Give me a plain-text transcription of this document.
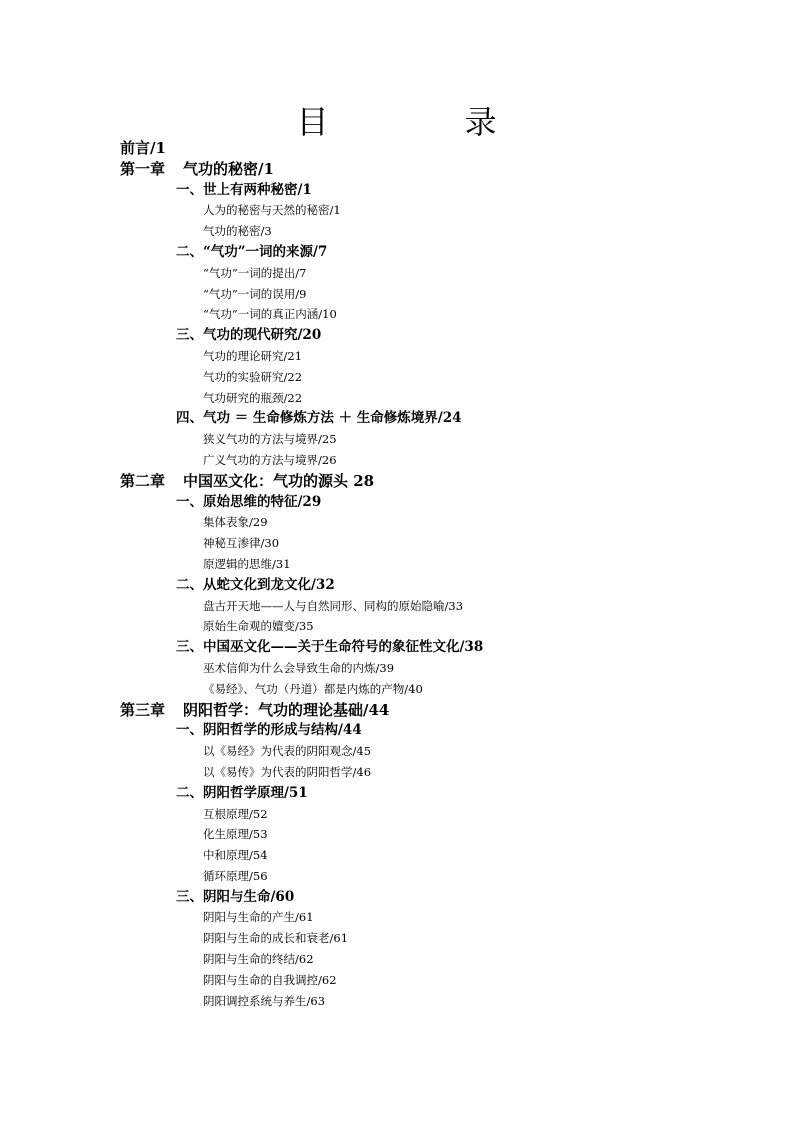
目　录
前言/1
第一章 气功的秘密/1
一、世上有两种秘密/1
人为的秘密与天然的秘密/1
气功的秘密/3
二、“气功”一词的来源/7
“气功”一词的提出/7
“气功”一词的误用/9
“气功”一词的真正内涵/10
三、气功的现代研究/20
气功的理论研究/21
气功的实验研究/22
气功研究的瓶颈/22
四、气功 ＝ 生命修炼方法 ＋ 生命修炼境界/24
狭义气功的方法与境界/25
广义气功的方法与境界/26
第二章 中国巫文化：气功的源头 28
一、原始思维的特征/29
集体表象/29
神秘互渗律/30
原逻辑的思维/31
二、从蛇文化到龙文化/32
盘古开天地——人与自然同形、同构的原始隐喻/33
原始生命观的嬗变/35
三、中国巫文化——关于生命符号的象征性文化/38
巫术信仰为什么会导致生命的内炼/39
《易经》、气功（丹道）都是内炼的产物/40
第三章 阴阳哲学：气功的理论基础/44
一、阴阳哲学的形成与结构/44
以《易经》为代表的阴阳观念/45
以《易传》为代表的阴阳哲学/46
二、阴阳哲学原理/51
互根原理/52
化生原理/53
中和原理/54
循环原理/56
三、阴阳与生命/60
阴阳与生命的产生/61
阴阳与生命的成长和衰老/61
阴阳与生命的终结/62
阴阳与生命的自我调控/62
阴阳调控系统与养生/63
